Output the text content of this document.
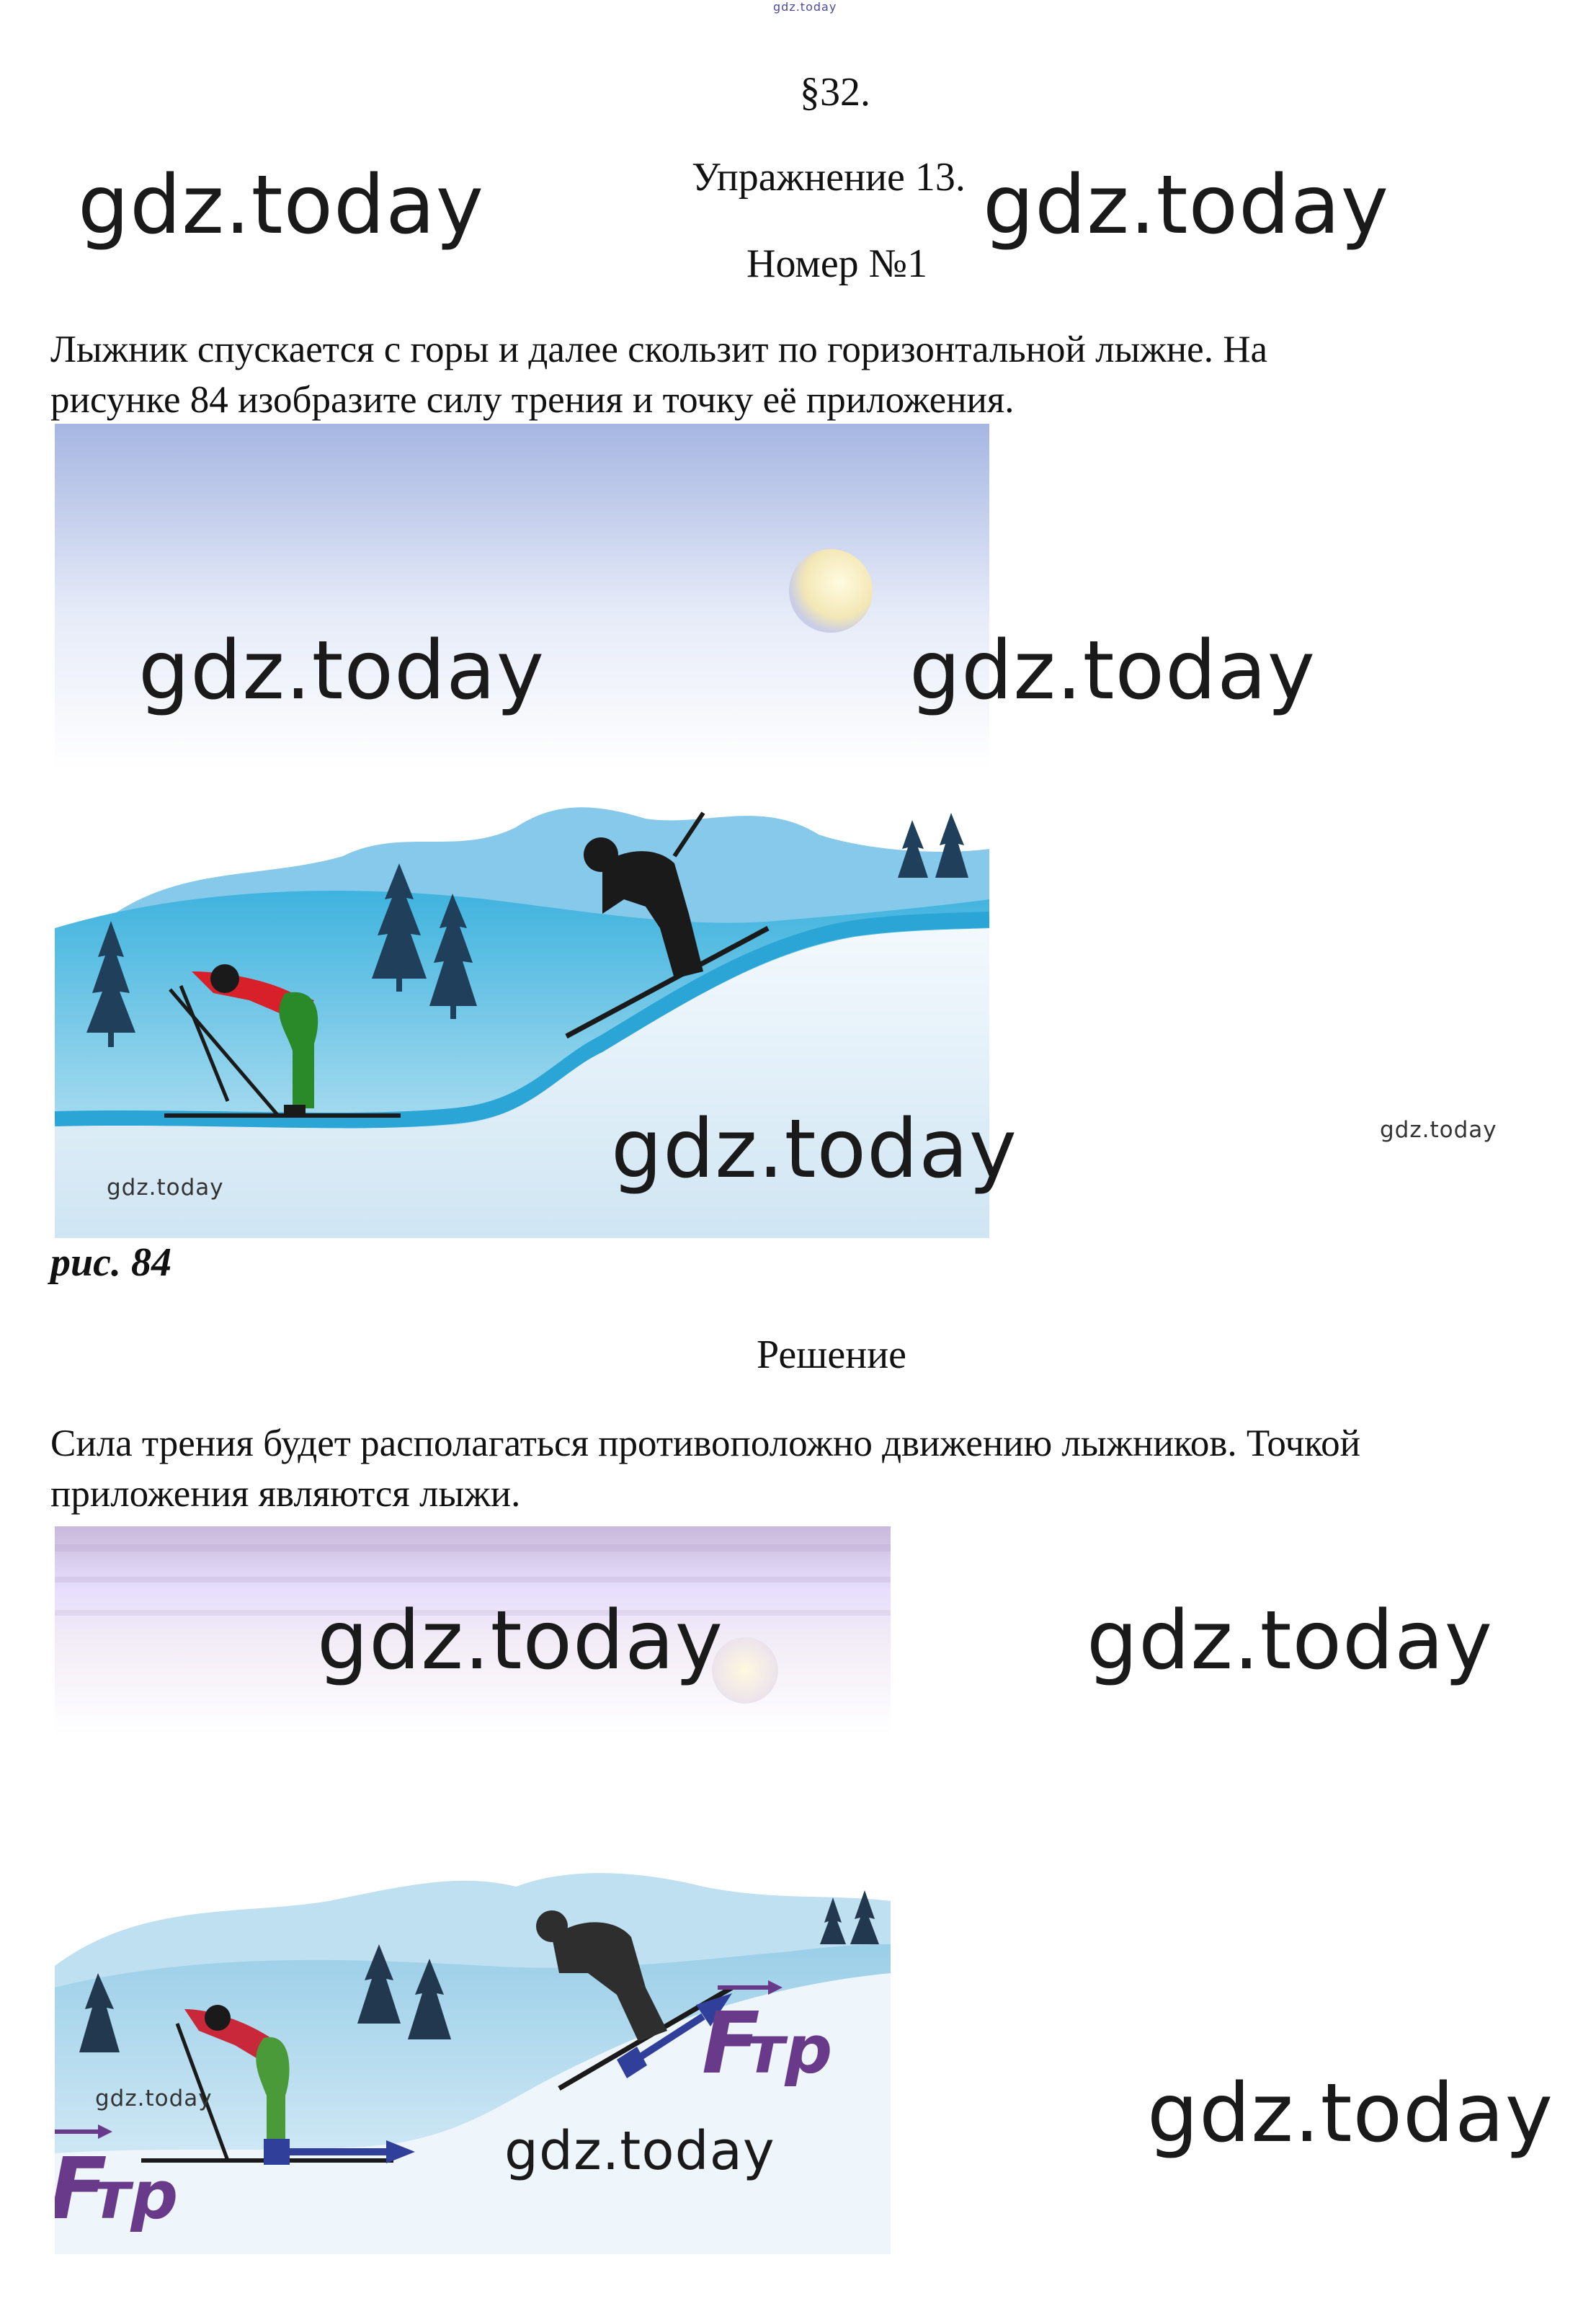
gdz.today
§32.
Упражнение 13.
Номер №1
gdz.today	gdz.today
Лыжник спускается с горы и далее скользит по горизонтальной лыжне. На
рисунке 84 изобразите силу трения и точку её приложения.
gdz.today	gdz.today
gdz.today
gdz.today
gdz.today
рис. 84
Решение
Сила трения будет располагаться противоположно движению лыжников. Точкой
приложения являются лыжи.
F
тр
F
тр
gdz.today	gdz.today
gdz.today
gdz.today
gdz.today
